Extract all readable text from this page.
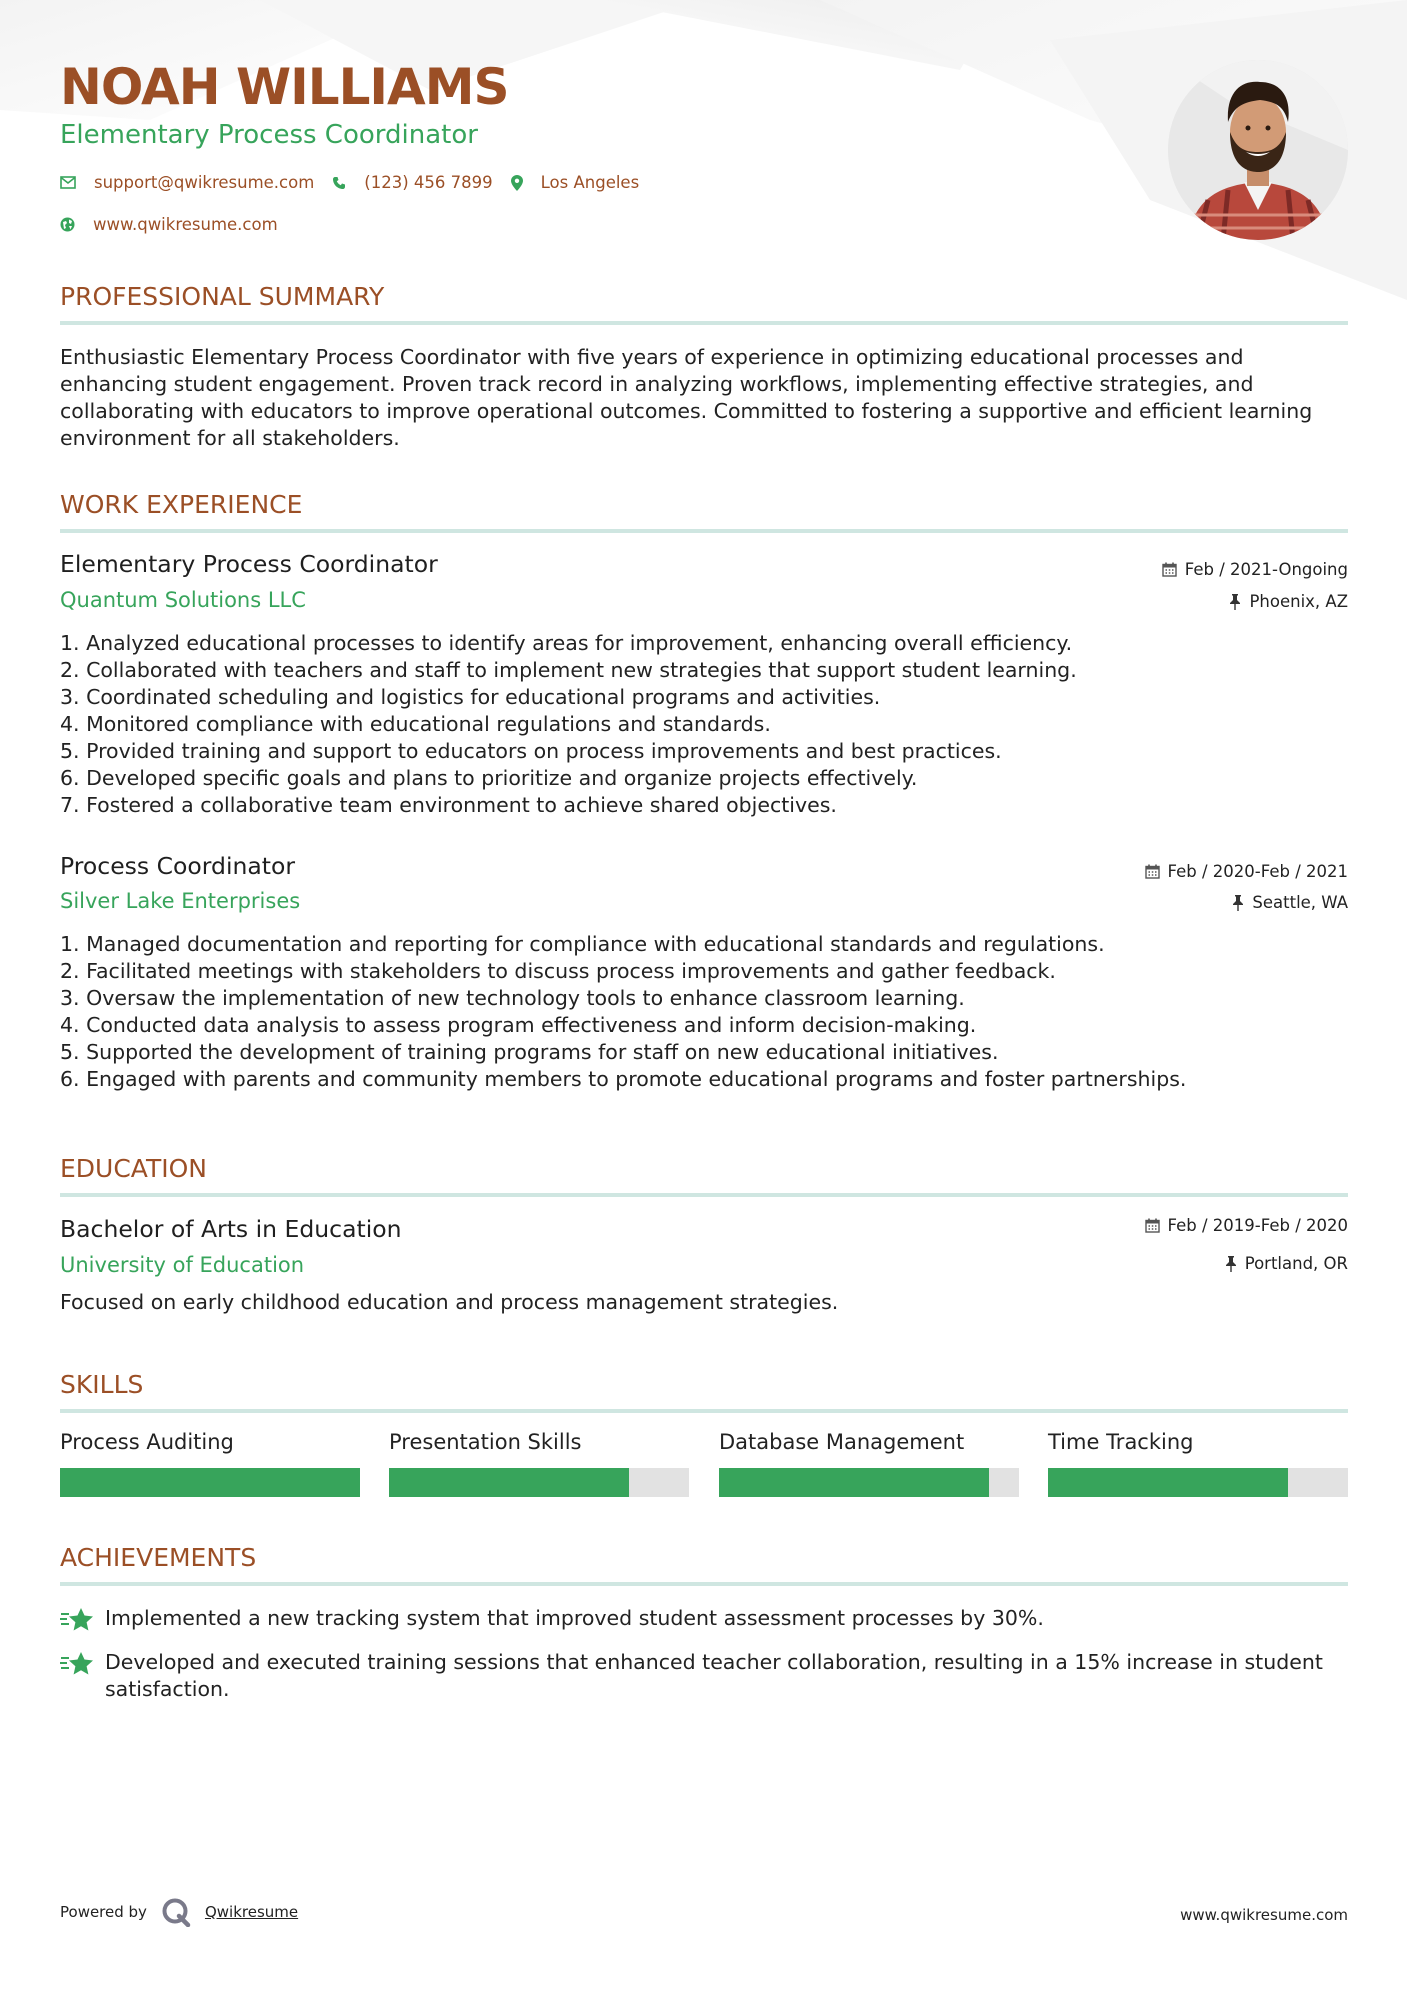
NOAH WILLIAMS
Elementary Process Coordinator
support@qwikresume.com	(123) 456 7899	Los Angeles
www.qwikresume.com
PROFESSIONAL SUMMARY
Enthusiastic Elementary Process Coordinator with five years of experience in optimizing educational processes and
enhancing student engagement. Proven track record in analyzing workflows, implementing effective strategies, and
collaborating with educators to improve operational outcomes. Committed to fostering a supportive and efficient learning
environment for all stakeholders.
WORK EXPERIENCE
Elementary Process Coordinator
Quantum Solutions LLC
Feb / 2021-Ongoing
Phoenix, AZ
1. Analyzed educational processes to identify areas for improvement, enhancing overall efficiency.
2. Collaborated with teachers and staff to implement new strategies that support student learning.
3. Coordinated scheduling and logistics for educational programs and activities.
4. Monitored compliance with educational regulations and standards.
5. Provided training and support to educators on process improvements and best practices.
6. Developed specific goals and plans to prioritize and organize projects effectively.
7. Fostered a collaborative team environment to achieve shared objectives.
Process Coordinator
Silver Lake Enterprises
Feb / 2020-Feb / 2021
Seattle, WA
1. Managed documentation and reporting for compliance with educational standards and regulations.
2. Facilitated meetings with stakeholders to discuss process improvements and gather feedback.
3. Oversaw the implementation of new technology tools to enhance classroom learning.
4. Conducted data analysis to assess program effectiveness and inform decision-making.
5. Supported the development of training programs for staff on new educational initiatives.
6. Engaged with parents and community members to promote educational programs and foster partnerships.
EDUCATION
Bachelor of Arts in Education
University of Education
Feb / 2019-Feb / 2020
Portland, OR
Focused on early childhood education and process management strategies.
SKILLS
Process Auditing	Presentation Skills	Database Management	Time Tracking
ACHIEVEMENTS
Implemented a new tracking system that improved student assessment processes by 30%.
Developed and executed training sessions that enhanced teacher collaboration, resulting in a 15% increase in student
satisfaction.
Powered by	Qwikresume	www.qwikresume.com
